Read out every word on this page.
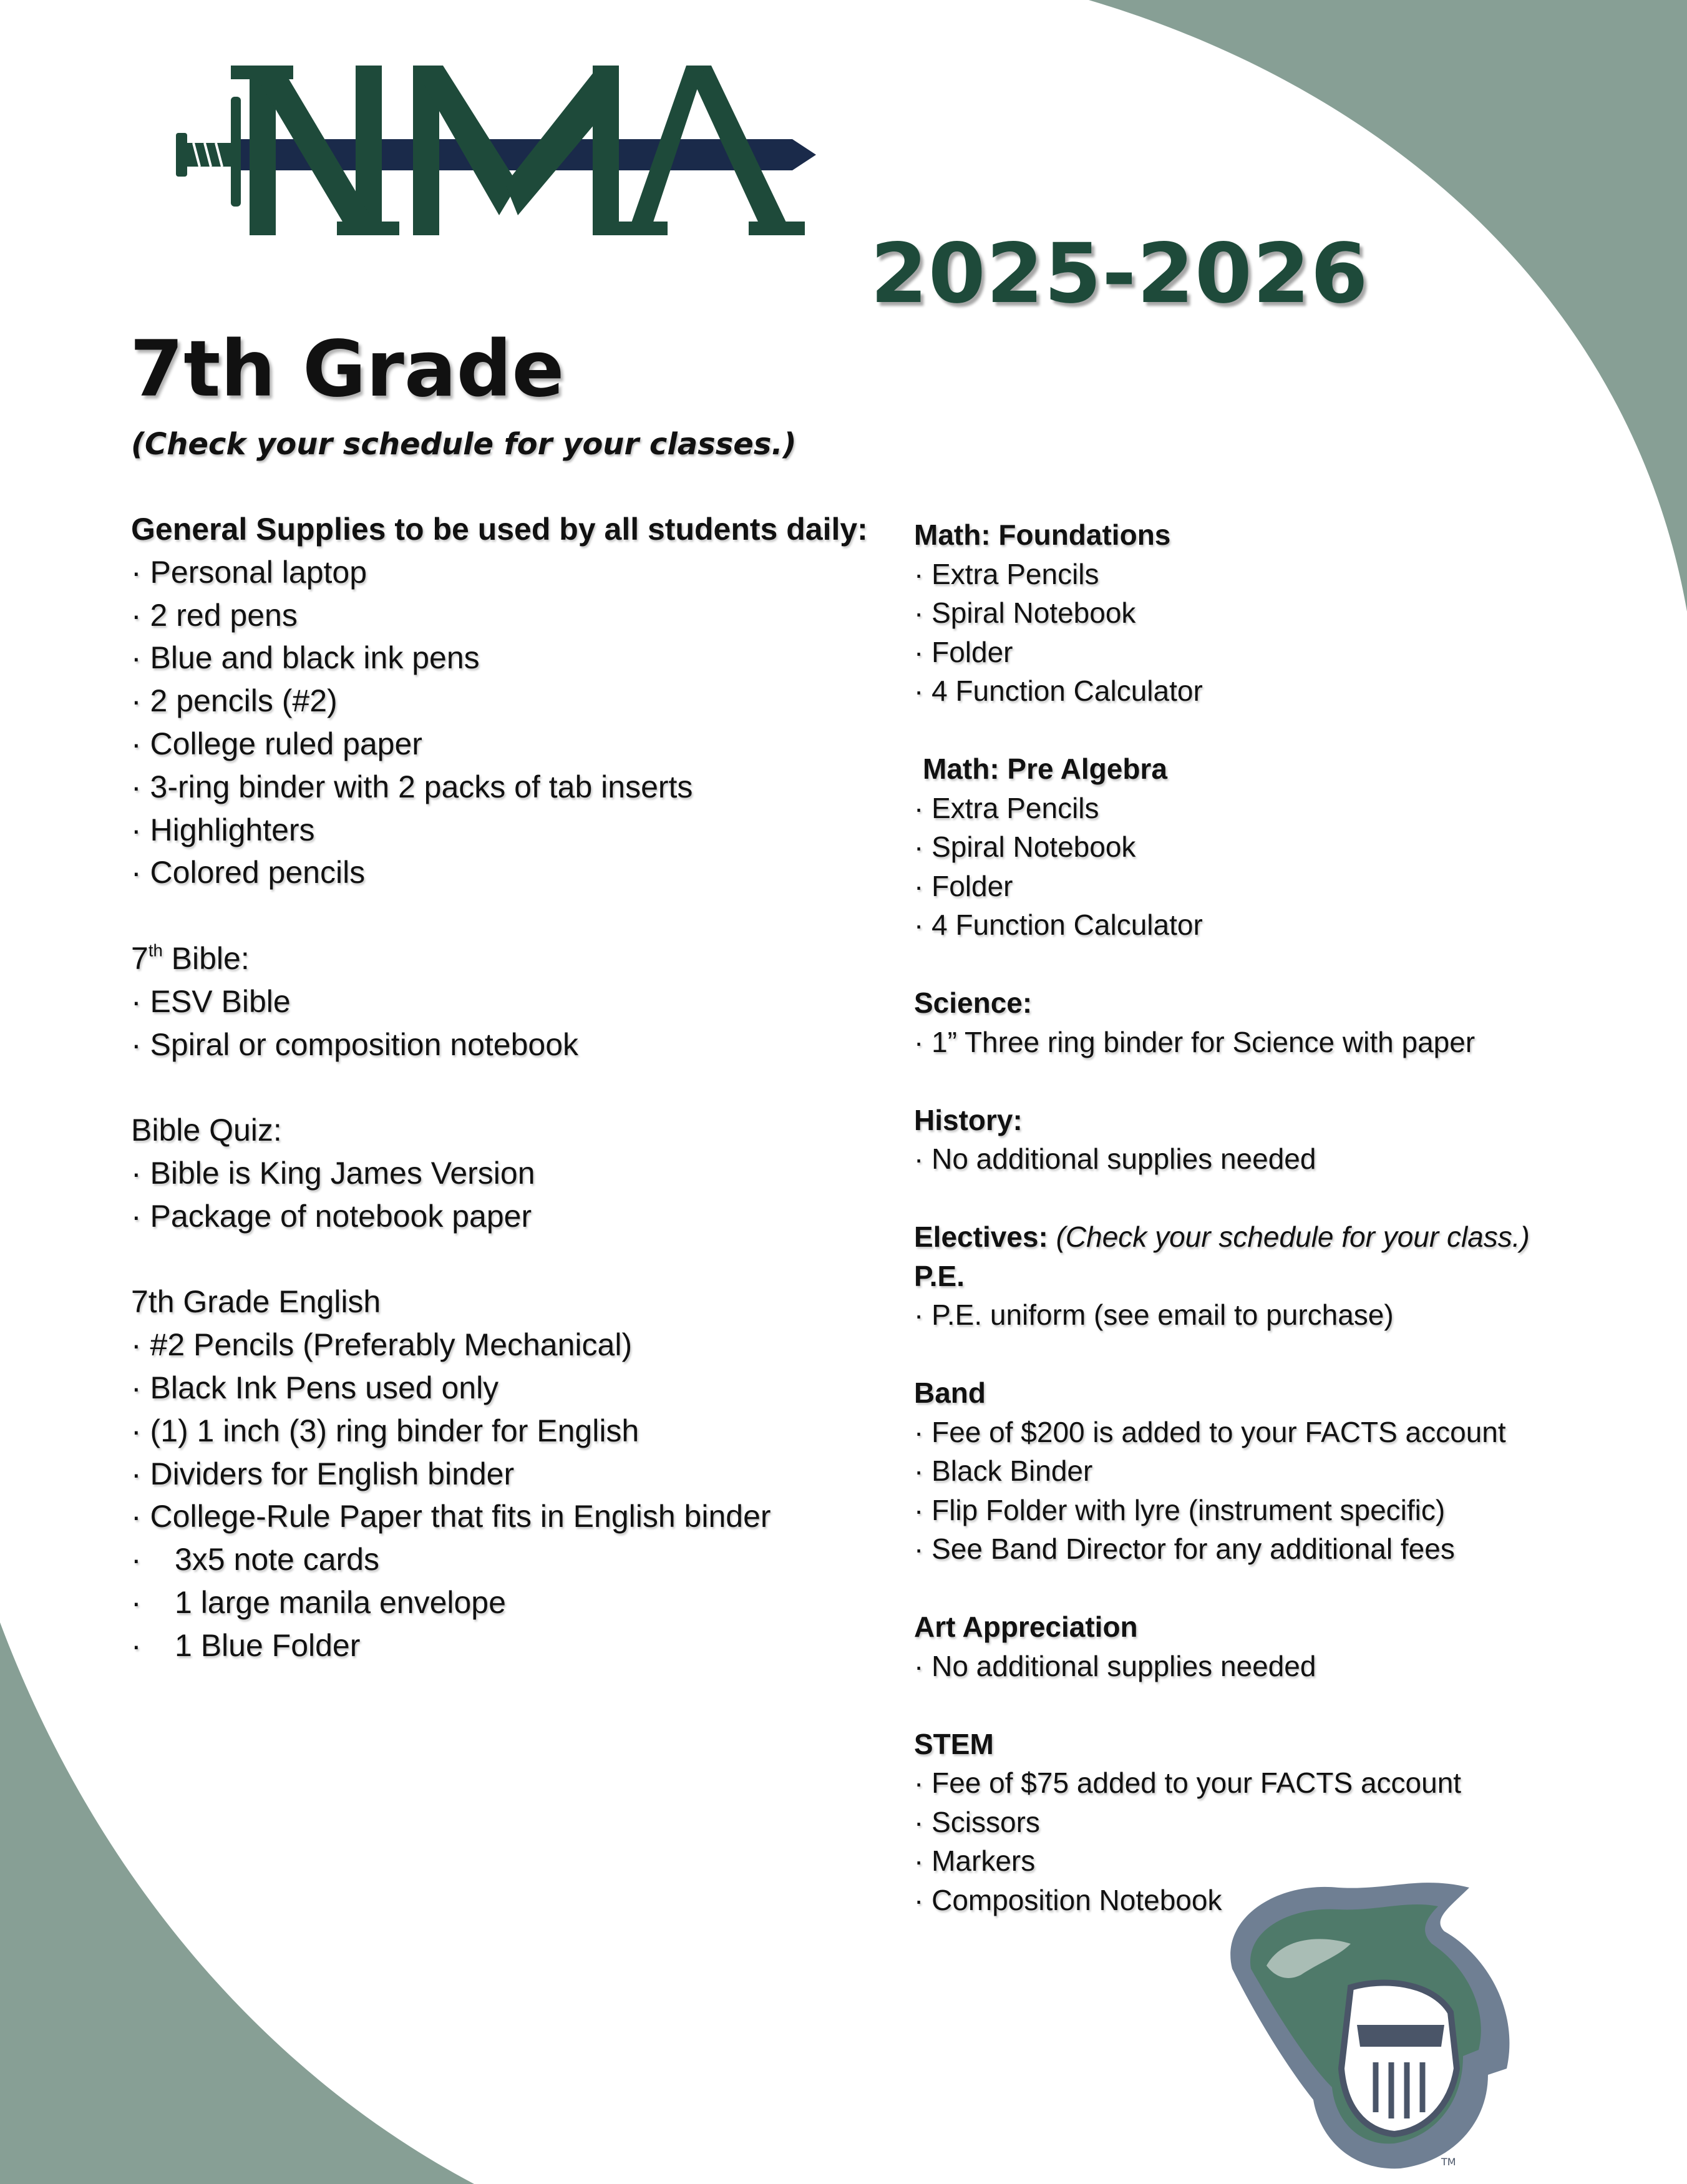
2025-2026
7th Grade
(Check your schedule for your classes.)
General Supplies to be used by all students daily:
· Personal laptop
· 2 red pens
· Blue and black ink pens
· 2 pencils (#2)
· College ruled paper
· 3-ring binder with 2 packs of tab inserts
· Highlighters
· Colored pencils
7th Bible:
· ESV Bible
· Spiral or composition notebook
Bible Quiz:
· Bible is King James Version
· Package of notebook paper
7th Grade English
· #2 Pencils (Preferably Mechanical)
· Black Ink Pens used only
· (1) 1 inch (3) ring binder for English
· Dividers for English binder
· College-Rule Paper that fits in English binder
· 3x5 note cards
· 1 large manila envelope
· 1 Blue Folder
Math: Foundations
· Extra Pencils
· Spiral Notebook
· Folder
· 4 Function Calculator
Math: Pre Algebra
· Extra Pencils
· Spiral Notebook
· Folder
· 4 Function Calculator
Science:
· 1” Three ring binder for Science with paper
History:
· No additional supplies needed
Electives: (Check your schedule for your class.)
P.E.
· P.E. uniform (see email to purchase)
Band
· Fee of $200 is added to your FACTS account
· Black Binder
· Flip Folder with lyre (instrument specific)
· See Band Director for any additional fees
Art Appreciation
· No additional supplies needed
STEM
· Fee of $75 added to your FACTS account
· Scissors
· Markers
· Composition Notebook
TM
